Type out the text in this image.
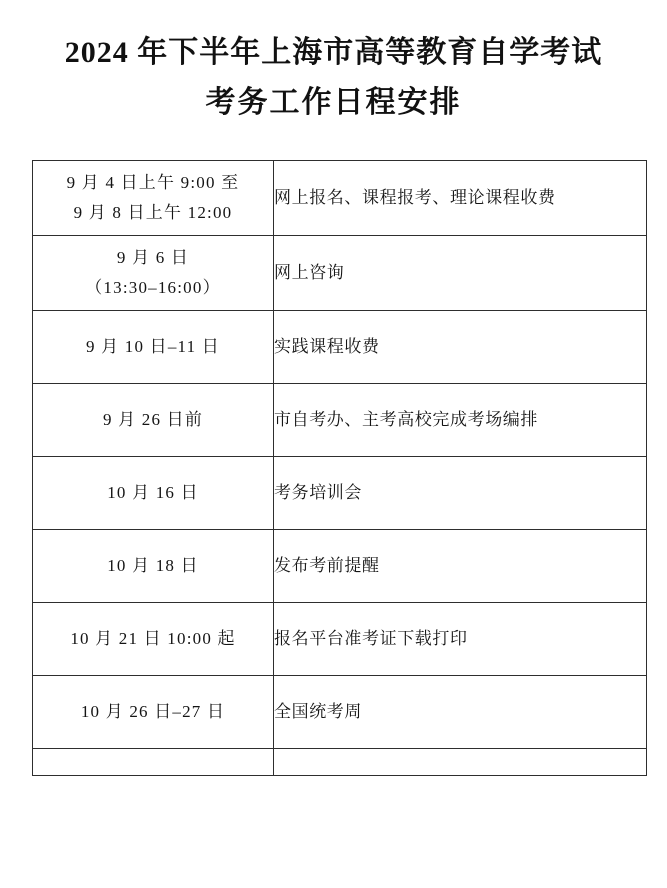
2024 年下半年上海市高等教育自学考试
考务工作日程安排
9 月 4 日上午 9:00 至
9 月 8 日上午 12:00	网上报名、课程报考、理论课程收费

9 月 6 日
（13:30–16:00）	网上咨询

9 月 10 日–11 日	实践课程收费

9 月 26 日前	市自考办、主考高校完成考场编排

10 月 16 日	考务培训会

10 月 18 日	发布考前提醒

10 月 21 日 10:00 起	报名平台准考证下载打印

10 月 26 日–27 日	全国统考周
